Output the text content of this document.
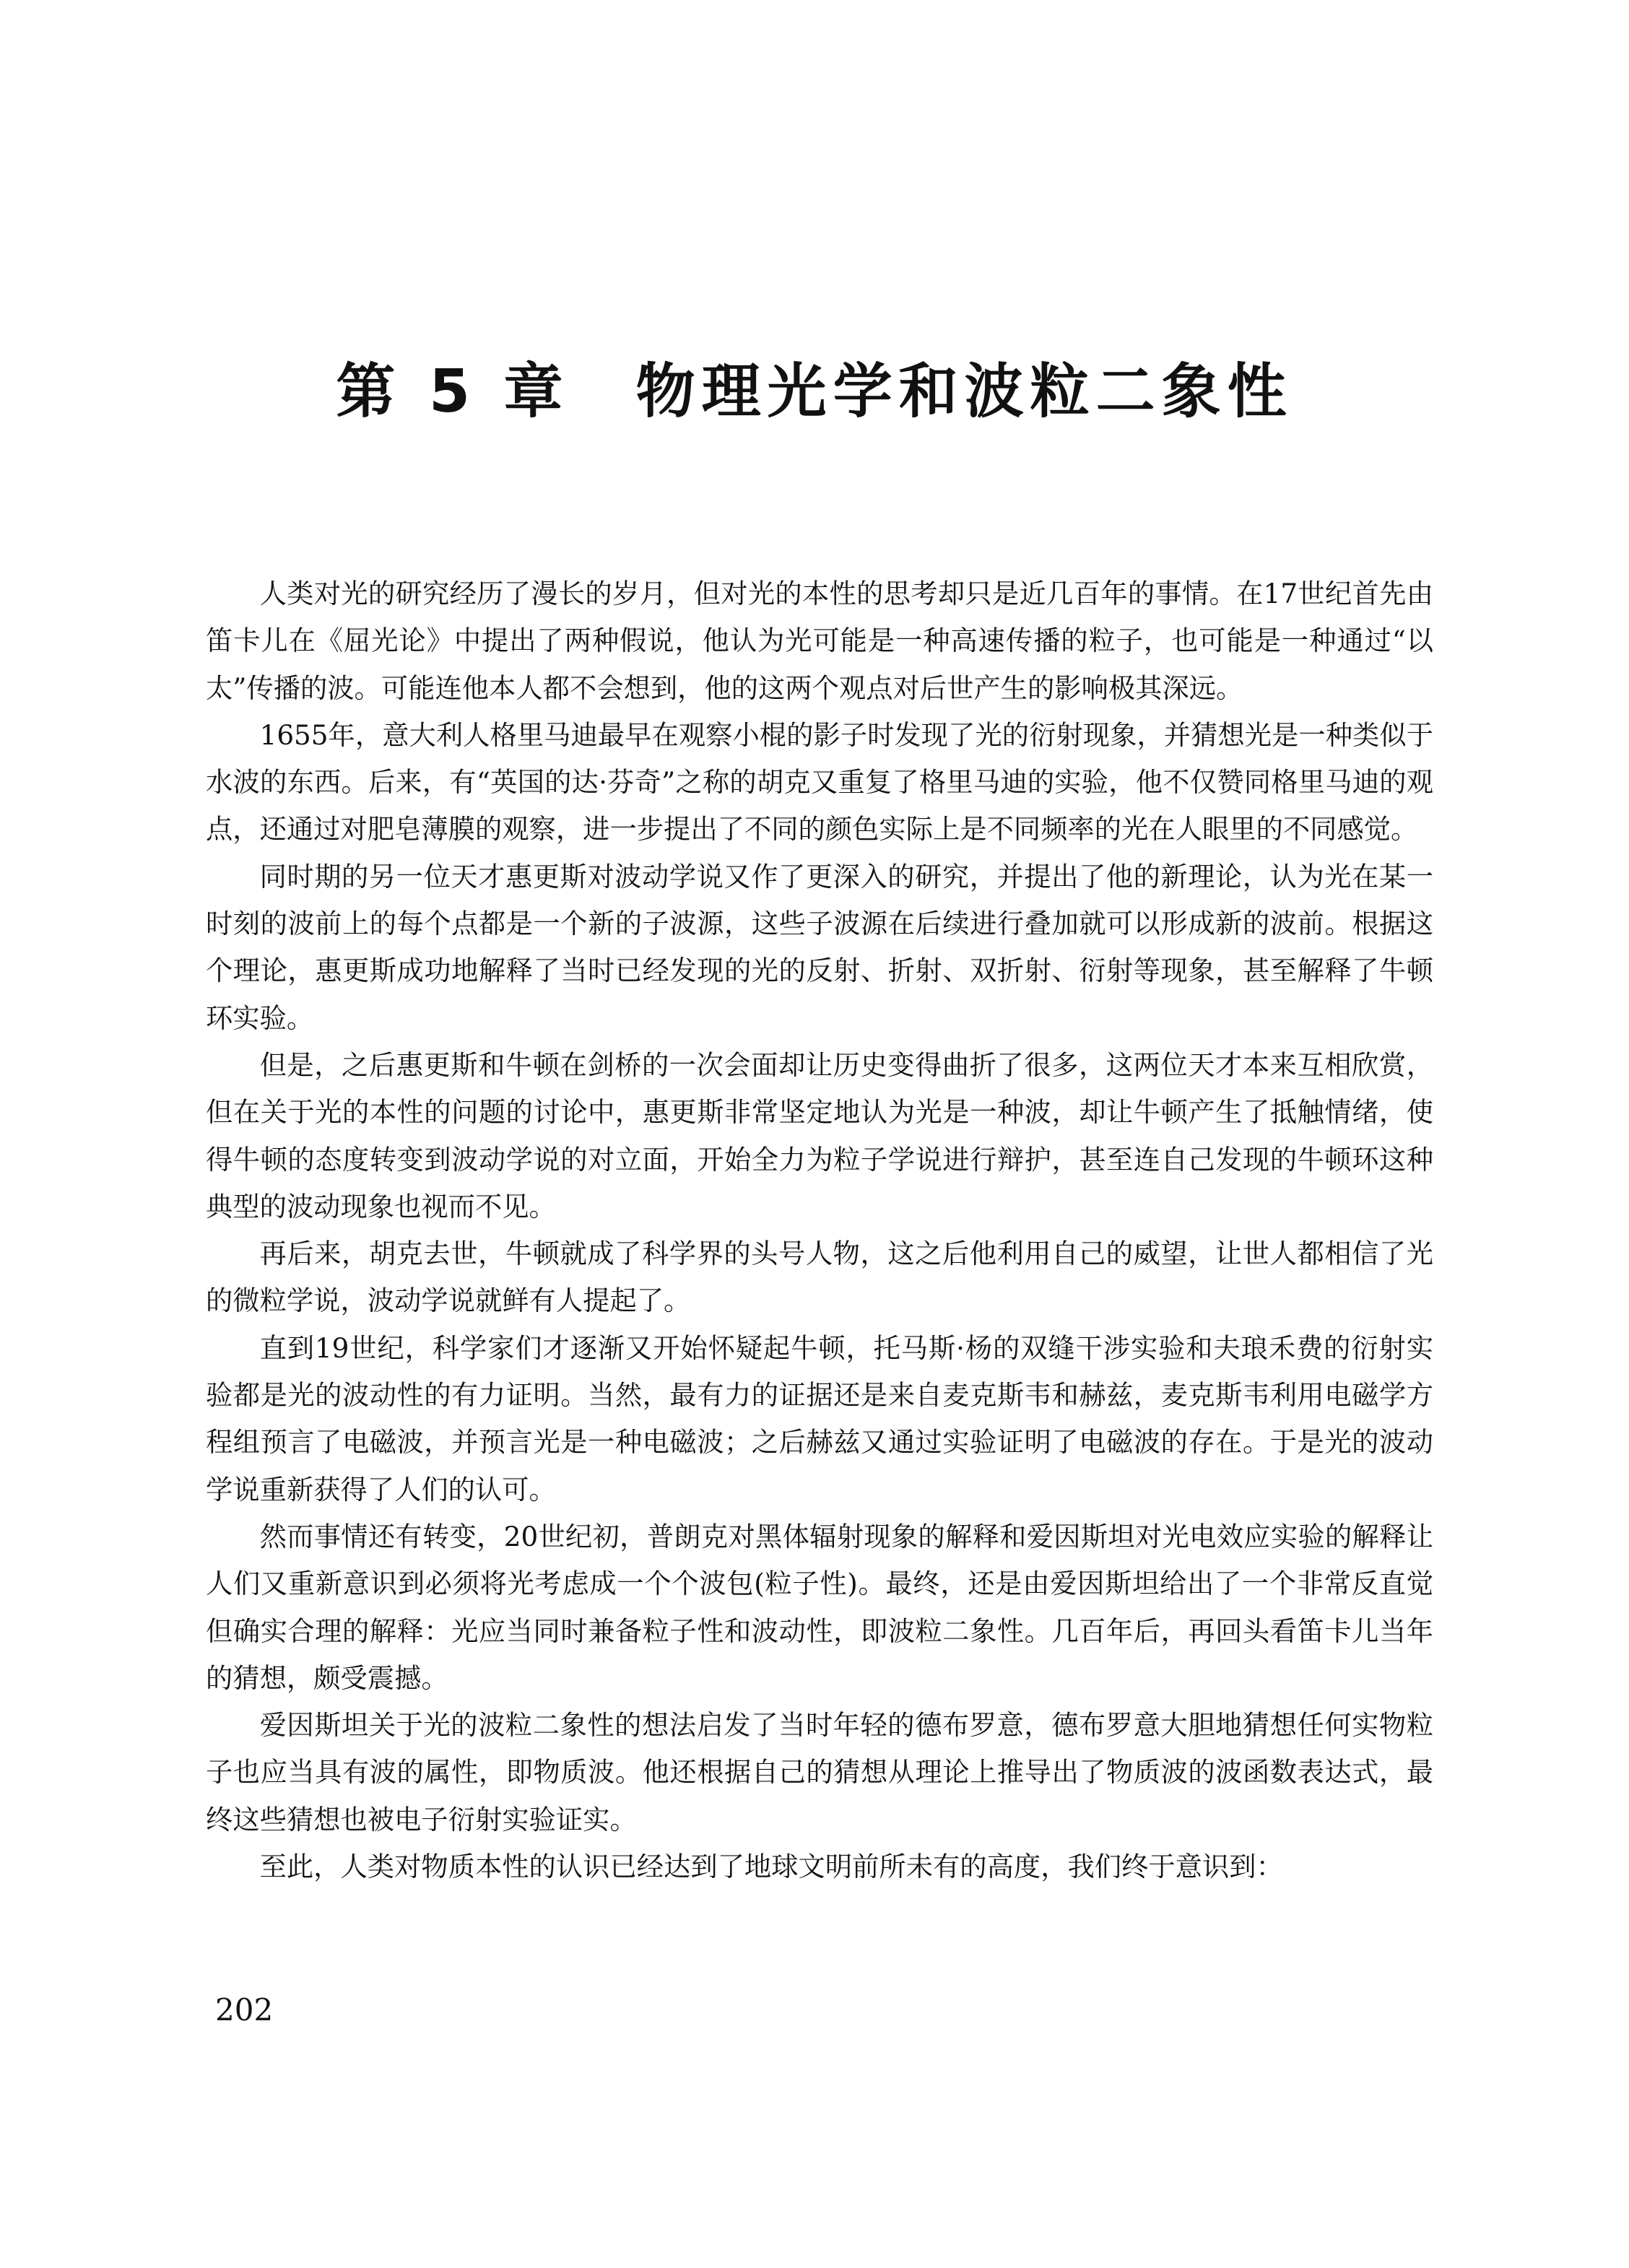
第 5 章 物理光学和波粒二象性

人类对光的研究经历了漫长的岁月，但对光的本性的思考却只是近几百年的事情。在17世纪首先由笛卡儿在《屈光论》中提出了两种假说，他认为光可能是一种高速传播的粒子，也可能是一种通过“以太”传播的波。可能连他本人都不会想到，他的这两个观点对后世产生的影响极其深远。

1655年，意大利人格里马迪最早在观察小棍的影子时发现了光的衍射现象，并猜想光是一种类似于水波的东西。后来，有“英国的达·芬奇”之称的胡克又重复了格里马迪的实验，他不仅赞同格里马迪的观点，还通过对肥皂薄膜的观察，进一步提出了不同的颜色实际上是不同频率的光在人眼里的不同感觉。

同时期的另一位天才惠更斯对波动学说又作了更深入的研究，并提出了他的新理论，认为光在某一时刻的波前上的每个点都是一个新的子波源，这些子波源在后续进行叠加就可以形成新的波前。根据这个理论，惠更斯成功地解释了当时已经发现的光的反射、折射、双折射、衍射等现象，甚至解释了牛顿环实验。

但是，之后惠更斯和牛顿在剑桥的一次会面却让历史变得曲折了很多，这两位天才本来互相欣赏，但在关于光的本性的问题的讨论中，惠更斯非常坚定地认为光是一种波，却让牛顿产生了抵触情绪，使得牛顿的态度转变到波动学说的对立面，开始全力为粒子学说进行辩护，甚至连自己发现的牛顿环这种典型的波动现象也视而不见。

再后来，胡克去世，牛顿就成了科学界的头号人物，这之后他利用自己的威望，让世人都相信了光的微粒学说，波动学说就鲜有人提起了。

直到19世纪，科学家们才逐渐又开始怀疑起牛顿，托马斯·杨的双缝干涉实验和夫琅禾费的衍射实验都是光的波动性的有力证明。当然，最有力的证据还是来自麦克斯韦和赫兹，麦克斯韦利用电磁学方程组预言了电磁波，并预言光是一种电磁波；之后赫兹又通过实验证明了电磁波的存在。于是光的波动学说重新获得了人们的认可。

然而事情还有转变，20世纪初，普朗克对黑体辐射现象的解释和爱因斯坦对光电效应实验的解释让人们又重新意识到必须将光考虑成一个个波包(粒子性)。最终，还是由爱因斯坦给出了一个非常反直觉但确实合理的解释：光应当同时兼备粒子性和波动性，即波粒二象性。几百年后，再回头看笛卡儿当年的猜想，颇受震撼。

爱因斯坦关于光的波粒二象性的想法启发了当时年轻的德布罗意，德布罗意大胆地猜想任何实物粒子也应当具有波的属性，即物质波。他还根据自己的猜想从理论上推导出了物质波的波函数表达式，最终这些猜想也被电子衍射实验证实。

至此，人类对物质本性的认识已经达到了地球文明前所未有的高度，我们终于意识到：

202
